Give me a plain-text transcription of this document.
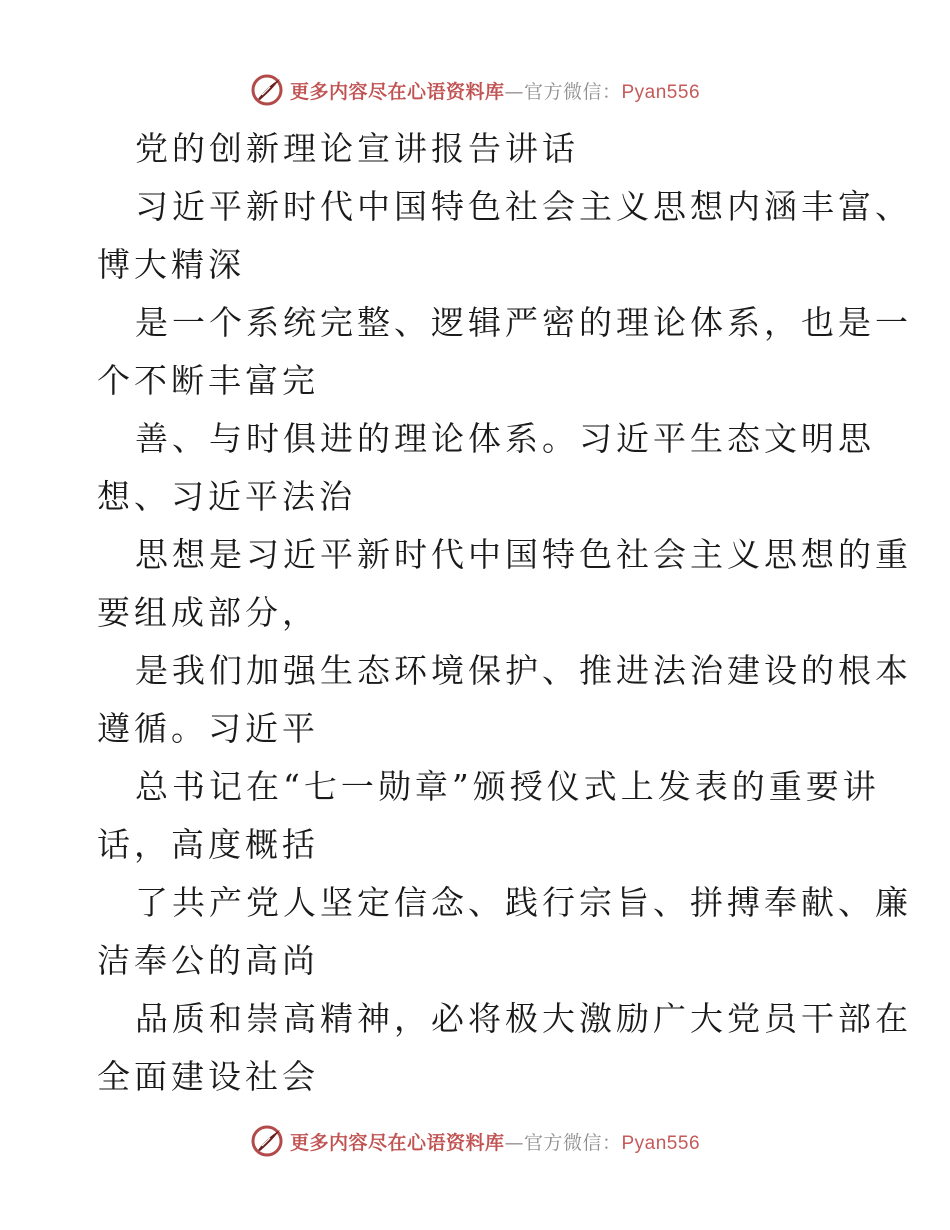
更多内容尽在心语资料库—官方微信：Pyan556
党的创新理论宣讲报告讲话
习近平新时代中国特色社会主义思想内涵丰富、
博大精深
是一个系统完整、逻辑严密的理论体系，也是一
个不断丰富完
善、与时俱进的理论体系。习近平生态文明思
想、习近平法治
思想是习近平新时代中国特色社会主义思想的重
要组成部分，
是我们加强生态环境保护、推进法治建设的根本
遵循。习近平
总书记在“七一勋章”颁授仪式上发表的重要讲
话，高度概括
了共产党人坚定信念、践行宗旨、拼搏奉献、廉
洁奉公的高尚
品质和崇高精神，必将极大激励广大党员干部在
全面建设社会
更多内容尽在心语资料库—官方微信：Pyan556
